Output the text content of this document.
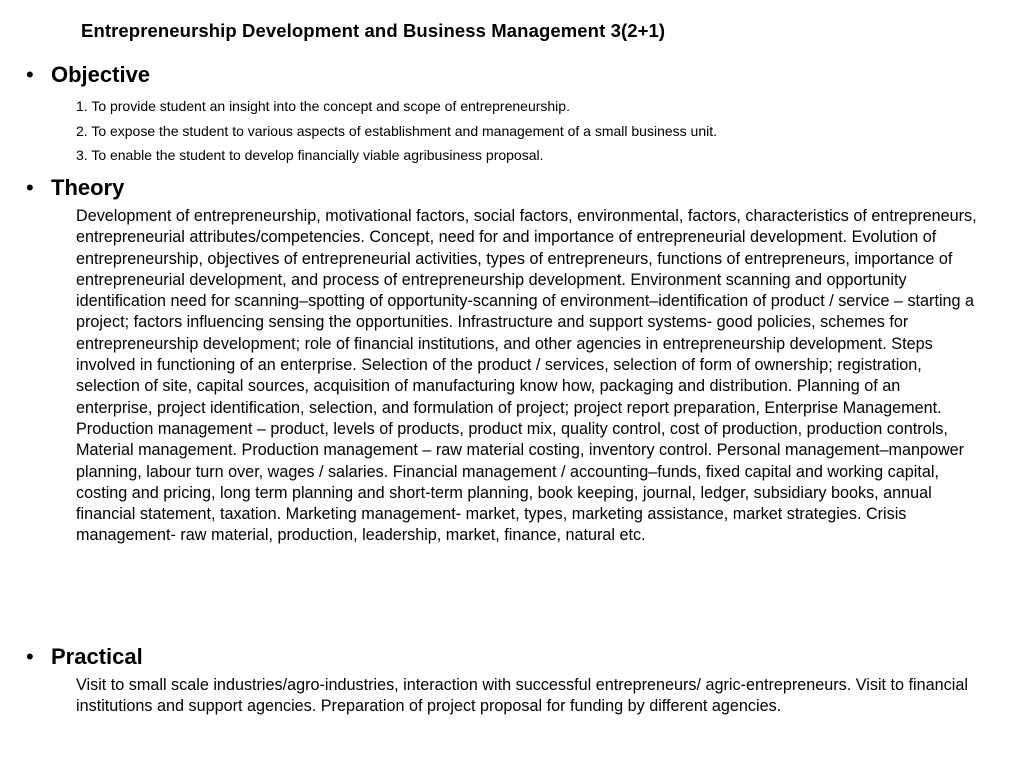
Entrepreneurship Development and Business Management 3(2+1)
• Objective
1. To provide student an insight into the concept and scope of entrepreneurship.
2. To expose the student to various aspects of establishment and management of a small business unit.
3. To enable the student to develop financially viable agribusiness proposal.
• Theory
Development of entrepreneurship, motivational factors, social factors, environmental, factors, characteristics of entrepreneurs, entrepreneurial attributes/competencies. Concept, need for and importance of entrepreneurial development. Evolution of entrepreneurship, objectives of entrepreneurial activities, types of entrepreneurs, functions of entrepreneurs, importance of entrepreneurial development, and process of entrepreneurship development. Environment scanning and opportunity identification need for scanning–spotting of opportunity-scanning of environment–identification of product / service – starting a project; factors influencing sensing the opportunities. Infrastructure and support systems- good policies, schemes for entrepreneurship development; role of financial institutions, and other agencies in entrepreneurship development. Steps involved in functioning of an enterprise. Selection of the product / services, selection of form of ownership; registration, selection of site, capital sources, acquisition of manufacturing know how, packaging and distribution. Planning of an enterprise, project identification, selection, and formulation of project; project report preparation, Enterprise Management. Production management – product, levels of products, product mix, quality control, cost of production, production controls, Material management. Production management – raw material costing, inventory control. Personal management–manpower planning, labour turn over, wages / salaries. Financial management / accounting–funds, fixed capital and working capital, costing and pricing, long term planning and short-term planning, book keeping, journal, ledger, subsidiary books, annual financial statement, taxation. Marketing management- market, types, marketing assistance, market strategies. Crisis management- raw material, production, leadership, market, finance, natural etc.
• Practical
Visit to small scale industries/agro-industries, interaction with successful entrepreneurs/ agric-entrepreneurs. Visit to financial institutions and support agencies. Preparation of project proposal for funding by different agencies.
